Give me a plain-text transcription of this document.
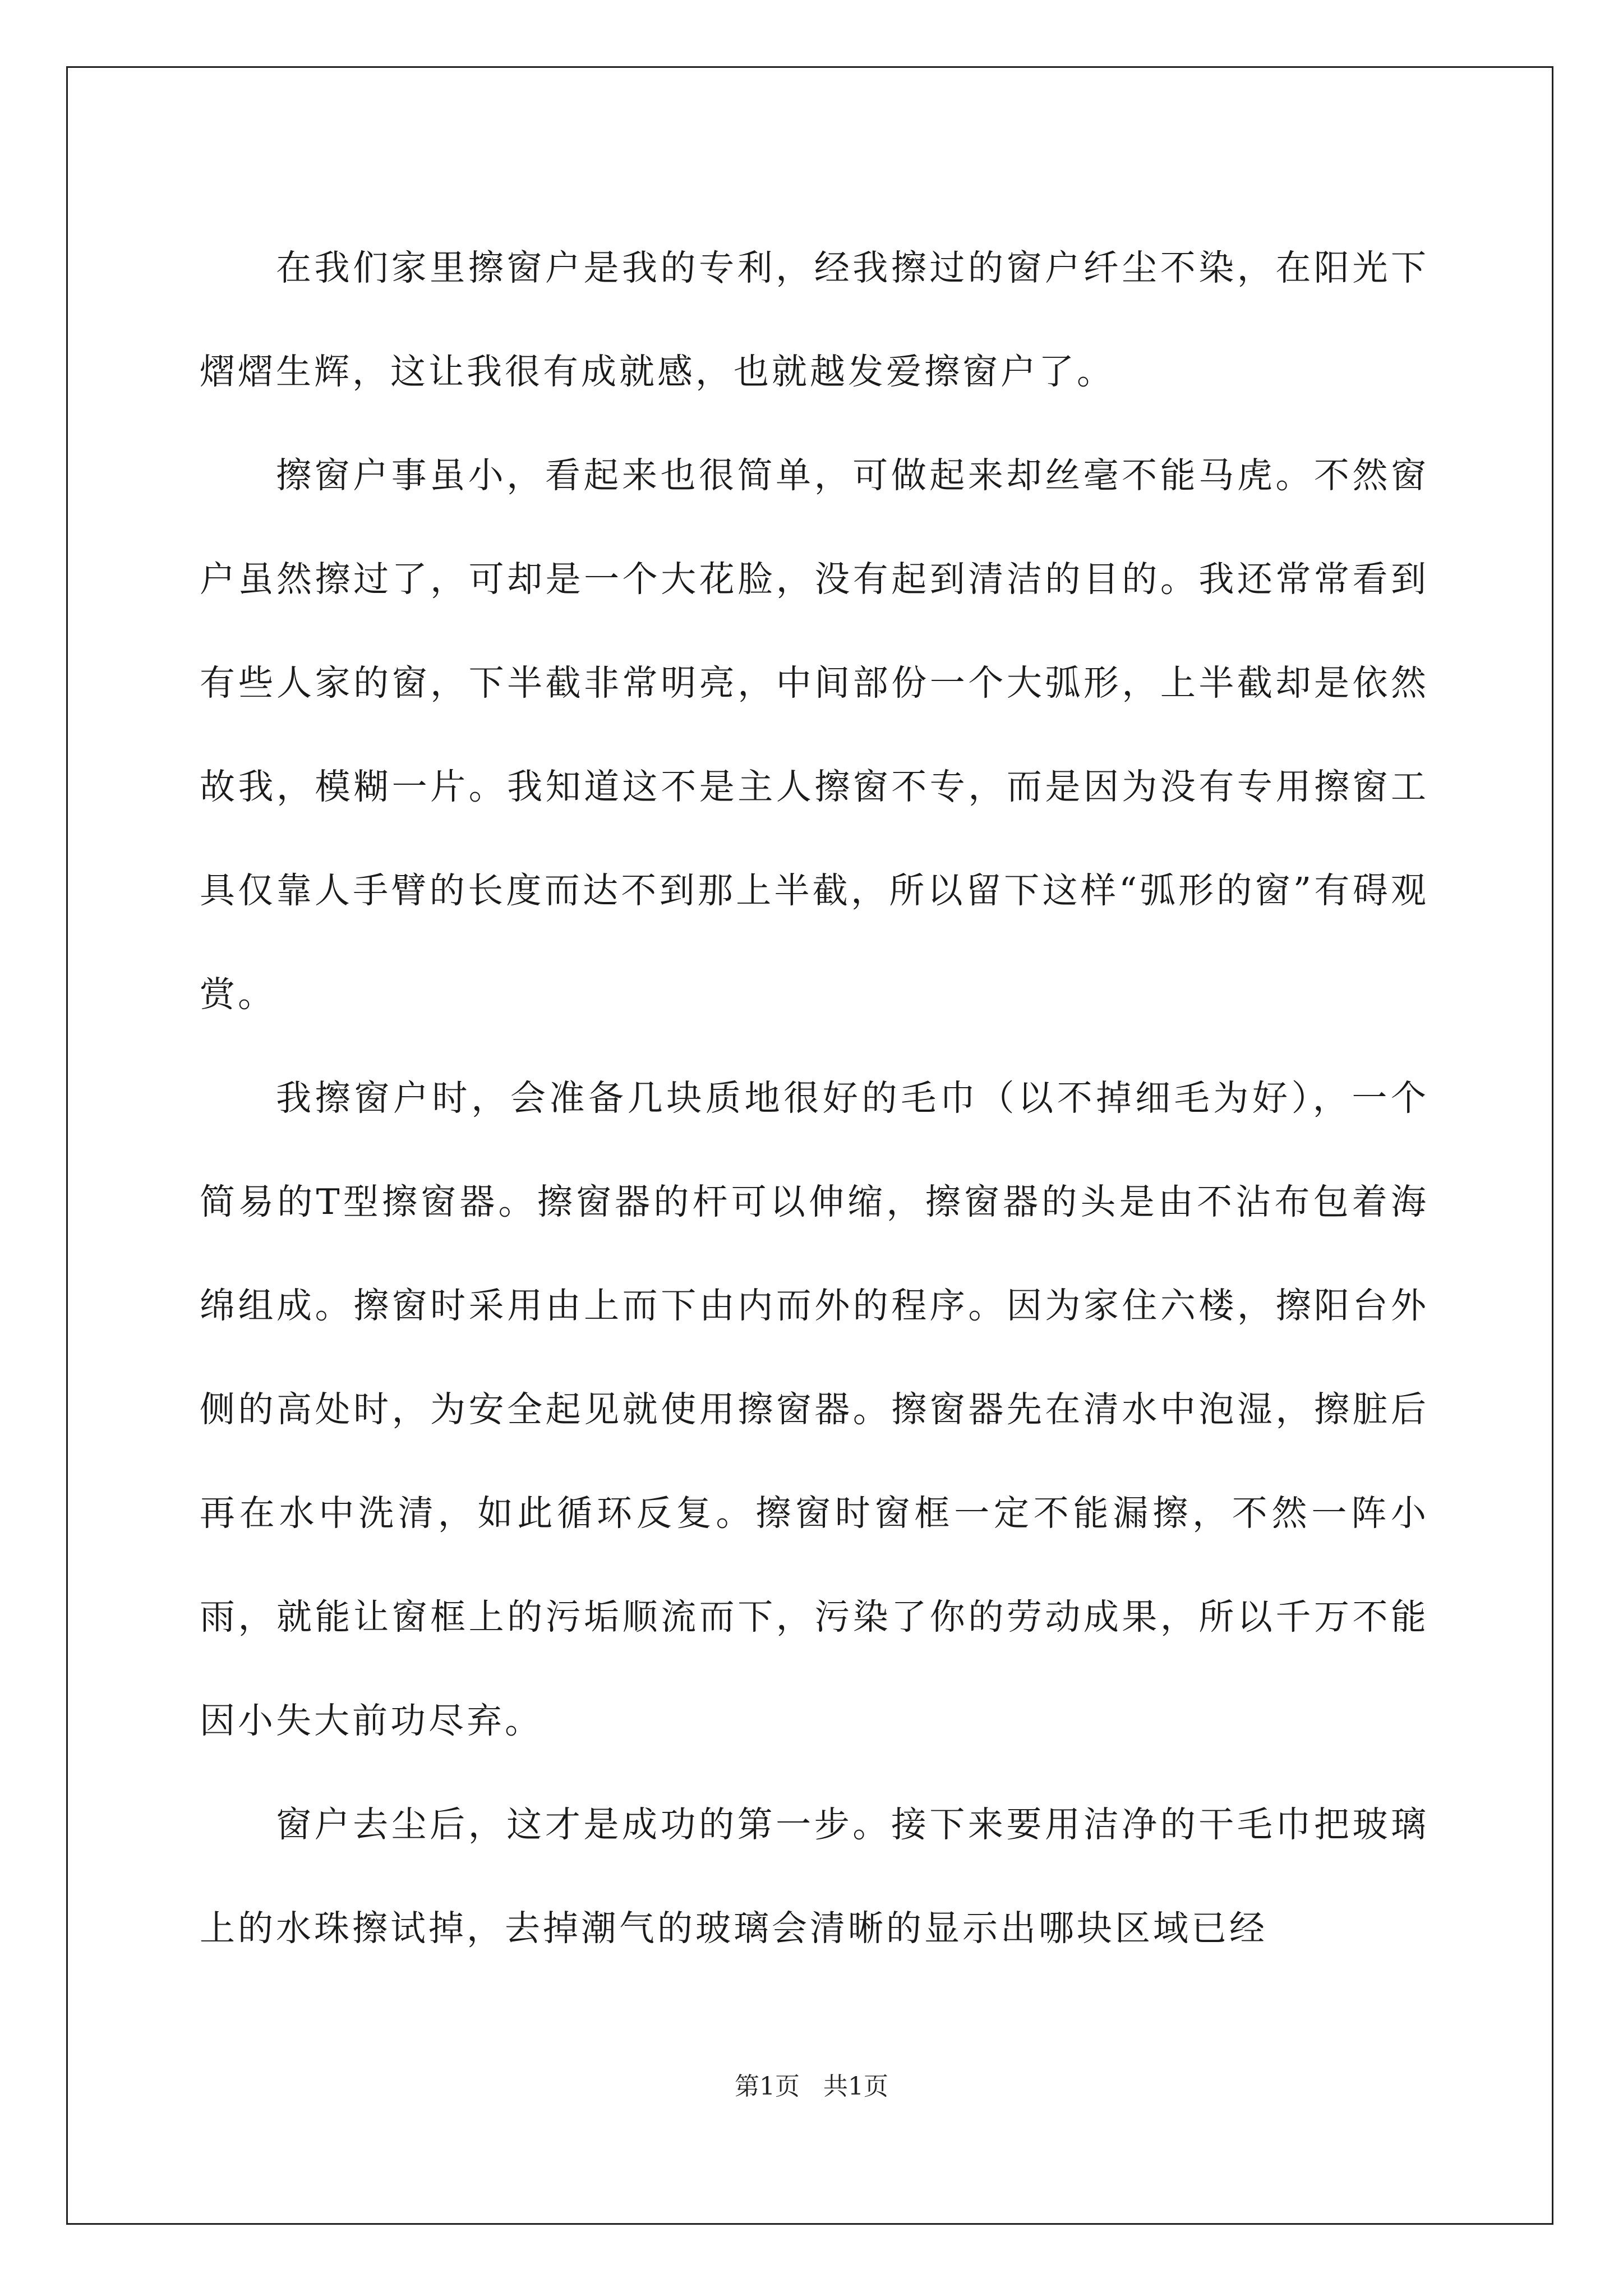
在我们家里擦窗户是我的专利，经我擦过的窗户纤尘不染，在阳光下熠熠生辉，这让我很有成就感，也就越发爱擦窗户了。

擦窗户事虽小，看起来也很简单，可做起来却丝毫不能马虎。不然窗户虽然擦过了，可却是一个大花脸，没有起到清洁的目的。我还常常看到有些人家的窗，下半截非常明亮，中间部份一个大弧形，上半截却是依然故我，模糊一片。我知道这不是主人擦窗不专，而是因为没有专用擦窗工具仅靠人手臂的长度而达不到那上半截，所以留下这样“弧形的窗”有碍观赏。

我擦窗户时，会准备几块质地很好的毛巾（以不掉细毛为好），一个简易的T型擦窗器。擦窗器的杆可以伸缩，擦窗器的头是由不沾布包着海绵组成。擦窗时采用由上而下由内而外的程序。因为家住六楼，擦阳台外侧的高处时，为安全起见就使用擦窗器。擦窗器先在清水中泡湿，擦脏后再在水中洗清，如此循环反复。擦窗时窗框一定不能漏擦，不然一阵小雨，就能让窗框上的污垢顺流而下，污染了你的劳动成果，所以千万不能因小失大前功尽弃。

窗户去尘后，这才是成功的第一步。接下来要用洁净的干毛巾把玻璃上的水珠擦试掉，去掉潮气的玻璃会清晰的显示出哪块区域已经

第1页   共1页
